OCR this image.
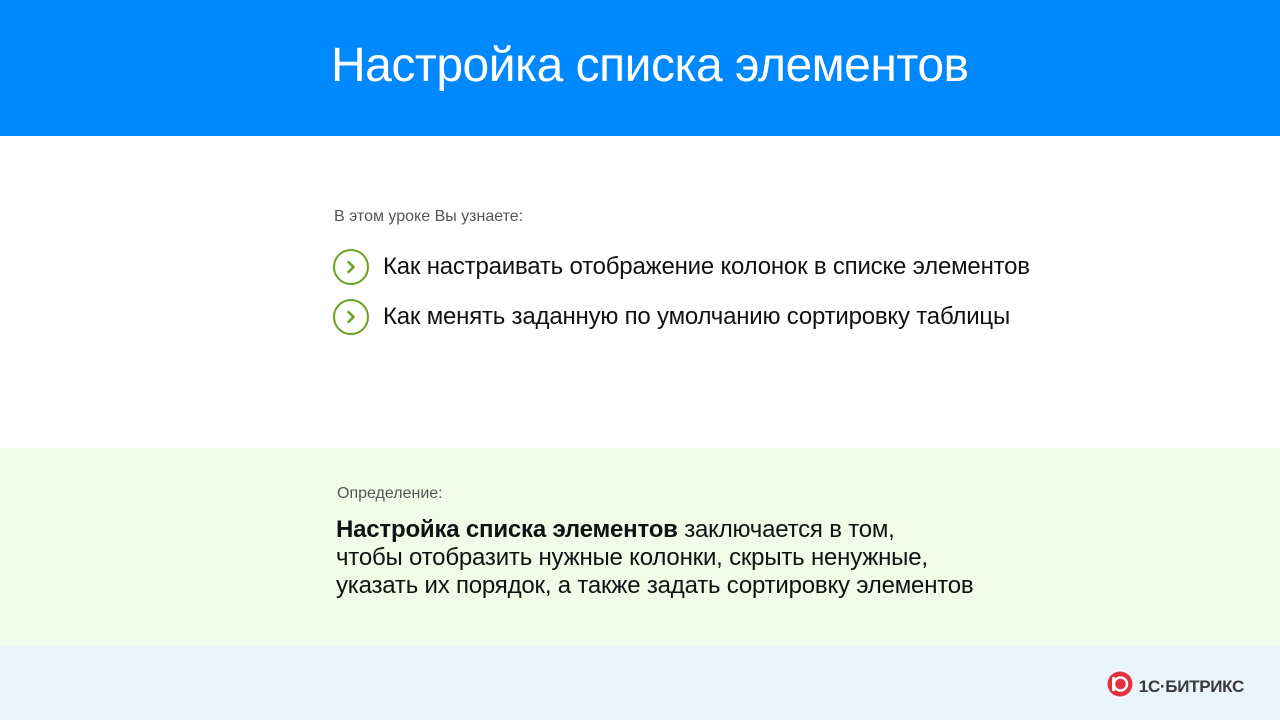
Настройка списка элементов
В этом уроке Вы узнаете:
Как настраивать отображение колонок в списке элементов
Как менять заданную по умолчанию сортировку таблицы
Определение:
Настройка списка элементов заключается в том,
чтобы отобразить нужные колонки, скрыть ненужные,
указать их порядок, а также задать сортировку элементов
1С·БИТРИКС
